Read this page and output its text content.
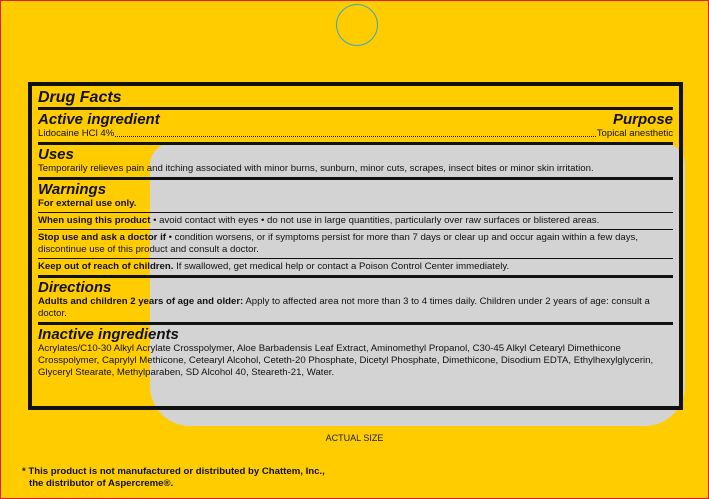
Drug Facts
Active ingredient	Purpose
Lidocaine HCl 4%	Topical anesthetic
Uses
Temporarily relieves pain and itching associated with minor burns, sunburn, minor cuts, scrapes, insect bites or minor skin irritation.
Warnings
For external use only.
When using this product • avoid contact with eyes • do not use in large quantities, particularly over raw surfaces or blistered areas.
Stop use and ask a doctor if • condition worsens, or if symptoms persist for more than 7 days or clear up and occur again within a few days, discontinue use of this product and consult a doctor.
Keep out of reach of children. If swallowed, get medical help or contact a Poison Control Center immediately.
Directions
Adults and children 2 years of age and older: Apply to affected area not more than 3 to 4 times daily. Children under 2 years of age: consult a doctor.
Inactive ingredients
Acrylates/C10-30 Alkyl Acrylate Crosspolymer, Aloe Barbadensis Leaf Extract, Aminomethyl Propanol, C30-45 Alkyl Cetearyl Dimethicone Crosspolymer, Caprylyl Methicone, Cetearyl Alcohol, Ceteth-20 Phosphate, Dicetyl Phosphate, Dimethicone, Disodium EDTA, Ethylhexylglycerin, Glyceryl Stearate, Methylparaben, SD Alcohol 40, Steareth-21, Water.
ACTUAL SIZE
* This product is not manufactured or distributed by Chattem, Inc.,
the distributor of Aspercreme®.
